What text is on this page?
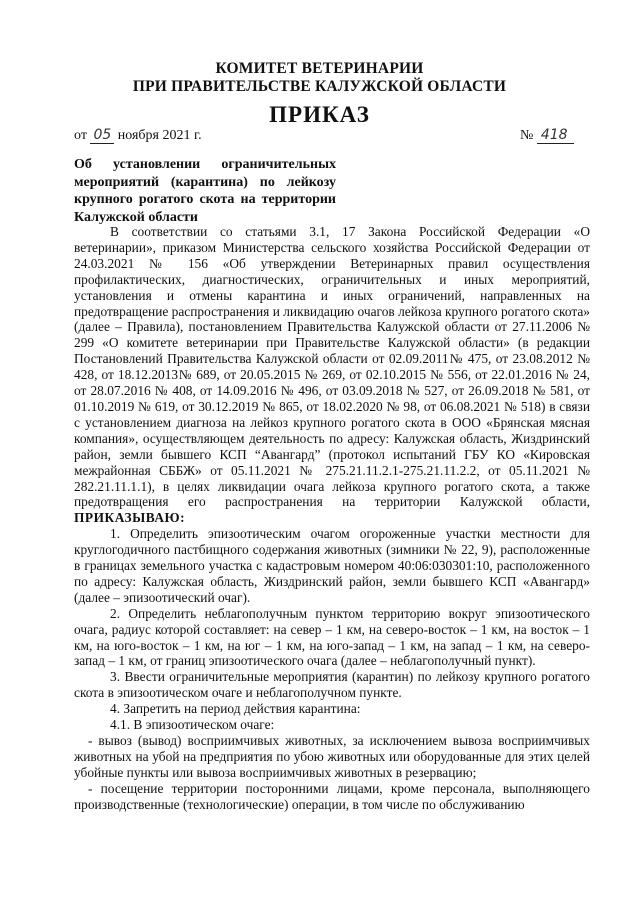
КОМИТЕТ ВЕТЕРИНАРИИ
ПРИ ПРАВИТЕЛЬСТВЕ КАЛУЖСКОЙ ОБЛАСТИ
ПРИКАЗ
от 05 ноября 2021 г.	№ 418
Об установлении ограничительных мероприятий (карантина) по лейкозу крупного рогатого скота на территории Калужской области

В соответствии со статьями 3.1, 17 Закона Российской Федерации «О ветеринарии», приказом Министерства сельского хозяйства Российской Федерации от 24.03.2021 № 156 «Об утверждении Ветеринарных правил осуществления профилактических, диагностических, ограничительных и иных мероприятий, установления и отмены карантина и иных ограничений, направленных на предотвращение распространения и ликвидацию очагов лейкоза крупного рогатого скота» (далее – Правила), постановлением Правительства Калужской области от 27.11.2006 № 299 «О комитете ветеринарии при Правительстве Калужской области» (в редакции Постановлений Правительства Калужской области от 02.09.2011№ 475, от 23.08.2012 № 428, от 18.12.2013№ 689, от 20.05.2015 № 269, от 02.10.2015 № 556, от 22.01.2016 № 24, от 28.07.2016 № 408, от 14.09.2016 № 496, от 03.09.2018 № 527, от 26.09.2018 № 581, от 01.10.2019 № 619, от 30.12.2019 № 865, от 18.02.2020 № 98, от 06.08.2021 № 518) в связи с установлением диагноза на лейкоз крупного рогатого скота в ООО «Брянская мясная компания», осуществляющем деятельность по адресу: Калужская область, Жиздринский район, земли бывшего КСП “Авангард” (протокол испытаний ГБУ КО «Кировская межрайонная СББЖ» от 05.11.2021 № 275.21.11.2.1-275.21.11.2.2, от 05.11.2021 № 282.21.11.1.1), в целях ликвидации очага лейкоза крупного рогатого скота, а также предотвращения его распространения на территории Калужской области, ПРИКАЗЫВАЮ:

1. Определить эпизоотическим очагом огороженные участки местности для круглогодичного пастбищного содержания животных (зимники № 22, 9), расположенные в границах земельного участка с кадастровым номером 40:06:030301:10, расположенного по адресу: Калужская область, Жиздринский район, земли бывшего КСП «Авангард» (далее – эпизоотический очаг).

2. Определить неблагополучным пунктом территорию вокруг эпизоотического очага, радиус которой составляет: на север – 1 км, на северо-восток – 1 км, на восток – 1 км, на юго-восток – 1 км, на юг – 1 км, на юго-запад – 1 км, на запад – 1 км, на северо-запад – 1 км, от границ эпизоотического очага (далее – неблагополучный пункт).

3. Ввести ограничительные мероприятия (карантин) по лейкозу крупного рогатого скота в эпизоотическом очаге и неблагополучном пункте.

4. Запретить на период действия карантина:

4.1. В эпизоотическом очаге:

- вывоз (вывод) восприимчивых животных, за исключением вывоза восприимчивых животных на убой на предприятия по убою животных или оборудованные для этих целей убойные пункты или вывоза восприимчивых животных в резервацию;

- посещение территории посторонними лицами, кроме персонала, выполняющего производственные (технологические) операции, в том числе по обслуживанию
